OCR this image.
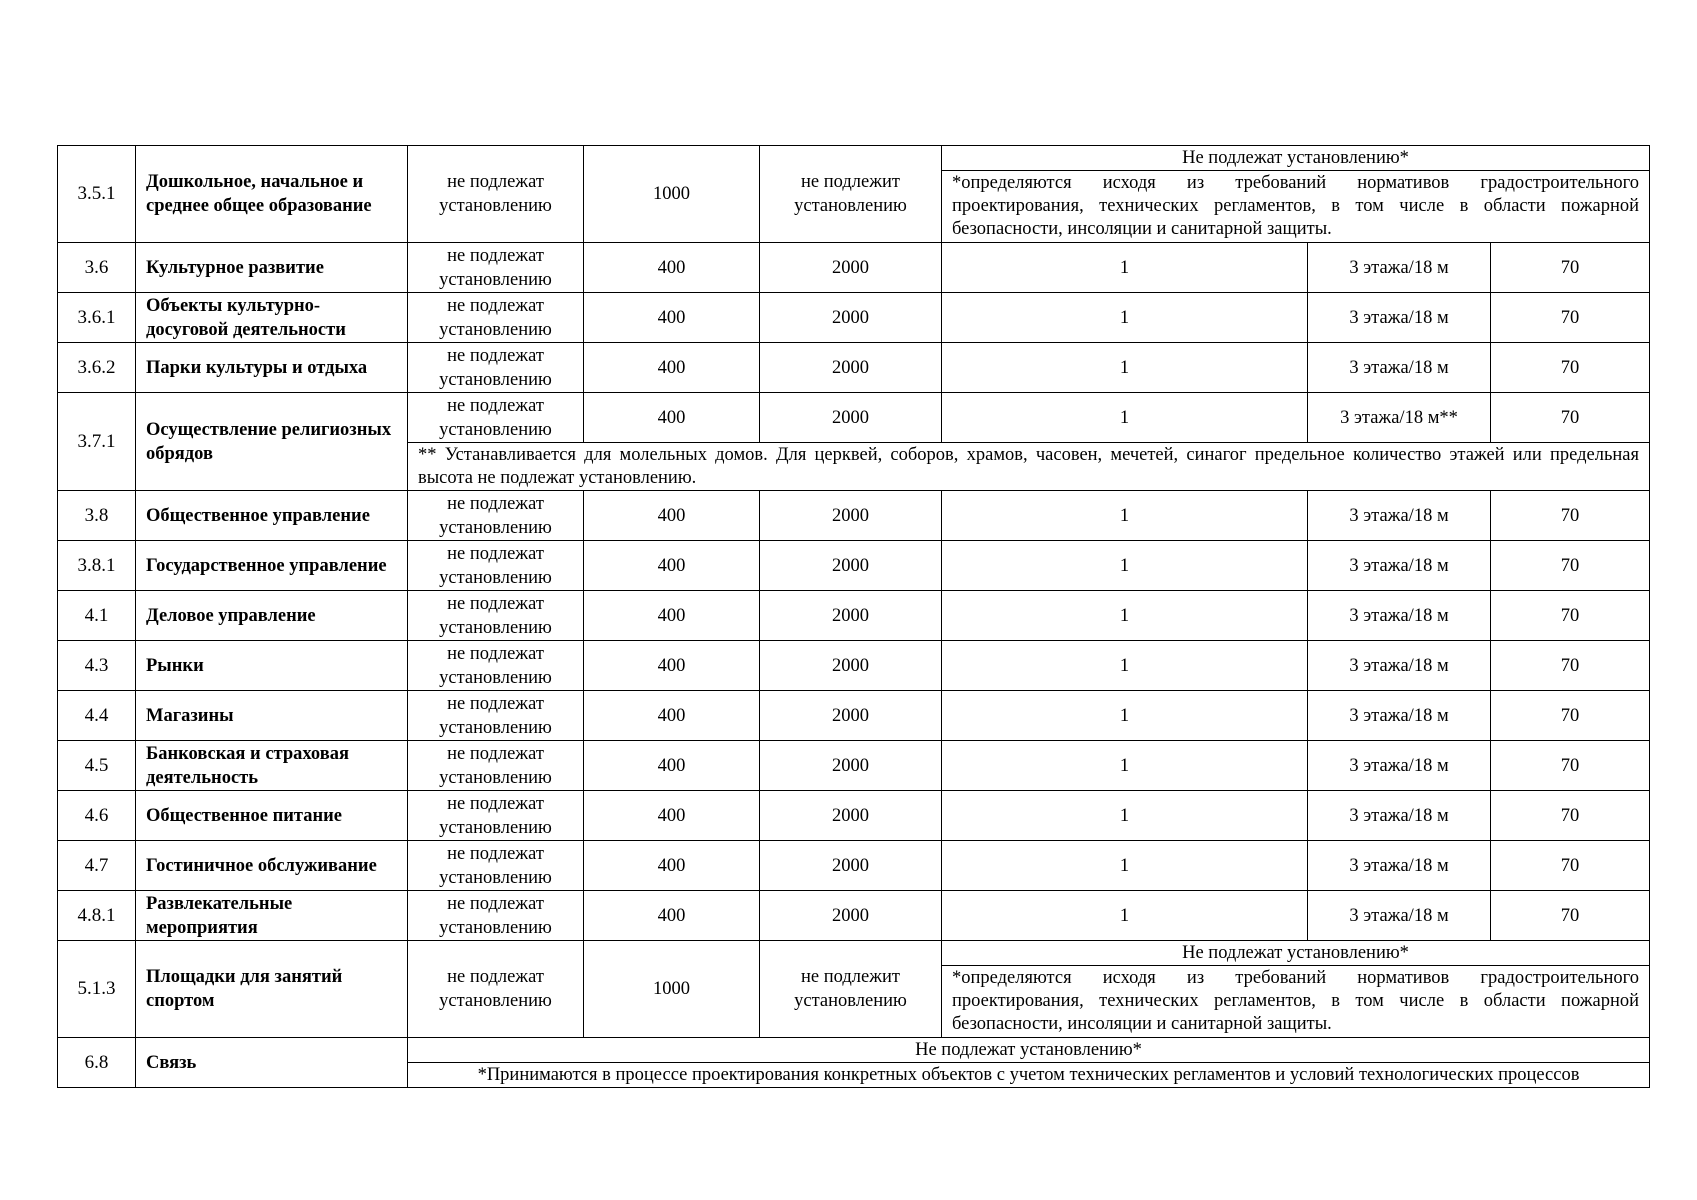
3.5.1	Дошкольное, начальное и среднее общее образование	не подлежат установлению	1000	не подлежит установлению	Не подлежат установлению*		
					*определяются исходя из требований нормативов градостроительного проектирования, технических регламентов, в том числе в области пожарной безопасности, инсоляции и санитарной защиты.		
3.6	Культурное развитие	не подлежат установлению	400	2000	1	3 этажа/18 м	70
3.6.1	Объекты культурно-досуговой деятельности	не подлежат установлению	400	2000	1	3 этажа/18 м	70
3.6.2	Парки культуры и отдыха	не подлежат установлению	400	2000	1	3 этажа/18 м	70
3.7.1	Осуществление религиозных обрядов	не подлежат установлению	400	2000	1	3 этажа/18 м**	70
		** Устанавливается для молельных домов. Для церквей, соборов, храмов, часовен, мечетей, синагог предельное количество этажей или предельная высота не подлежат установлению.					
3.8	Общественное управление	не подлежат установлению	400	2000	1	3 этажа/18 м	70
3.8.1	Государственное управление	не подлежат установлению	400	2000	1	3 этажа/18 м	70
4.1	Деловое управление	не подлежат установлению	400	2000	1	3 этажа/18 м	70
4.3	Рынки	не подлежат установлению	400	2000	1	3 этажа/18 м	70
4.4	Магазины	не подлежат установлению	400	2000	1	3 этажа/18 м	70
4.5	Банковская и страховая деятельность	не подлежат установлению	400	2000	1	3 этажа/18 м	70
4.6	Общественное питание	не подлежат установлению	400	2000	1	3 этажа/18 м	70
4.7	Гостиничное обслуживание	не подлежат установлению	400	2000	1	3 этажа/18 м	70
4.8.1	Развлекательные мероприятия	не подлежат установлению	400	2000	1	3 этажа/18 м	70
5.1.3	Площадки для занятий спортом	не подлежат установлению	1000	не подлежит установлению	Не подлежат установлению*		
					*определяются исходя из требований нормативов градостроительного проектирования, технических регламентов, в том числе в области пожарной безопасности, инсоляции и санитарной защиты.		
6.8	Связь	Не подлежат установлению*					
		*Принимаются в процессе проектирования конкретных объектов с учетом технических регламентов и условий технологических процессов					
